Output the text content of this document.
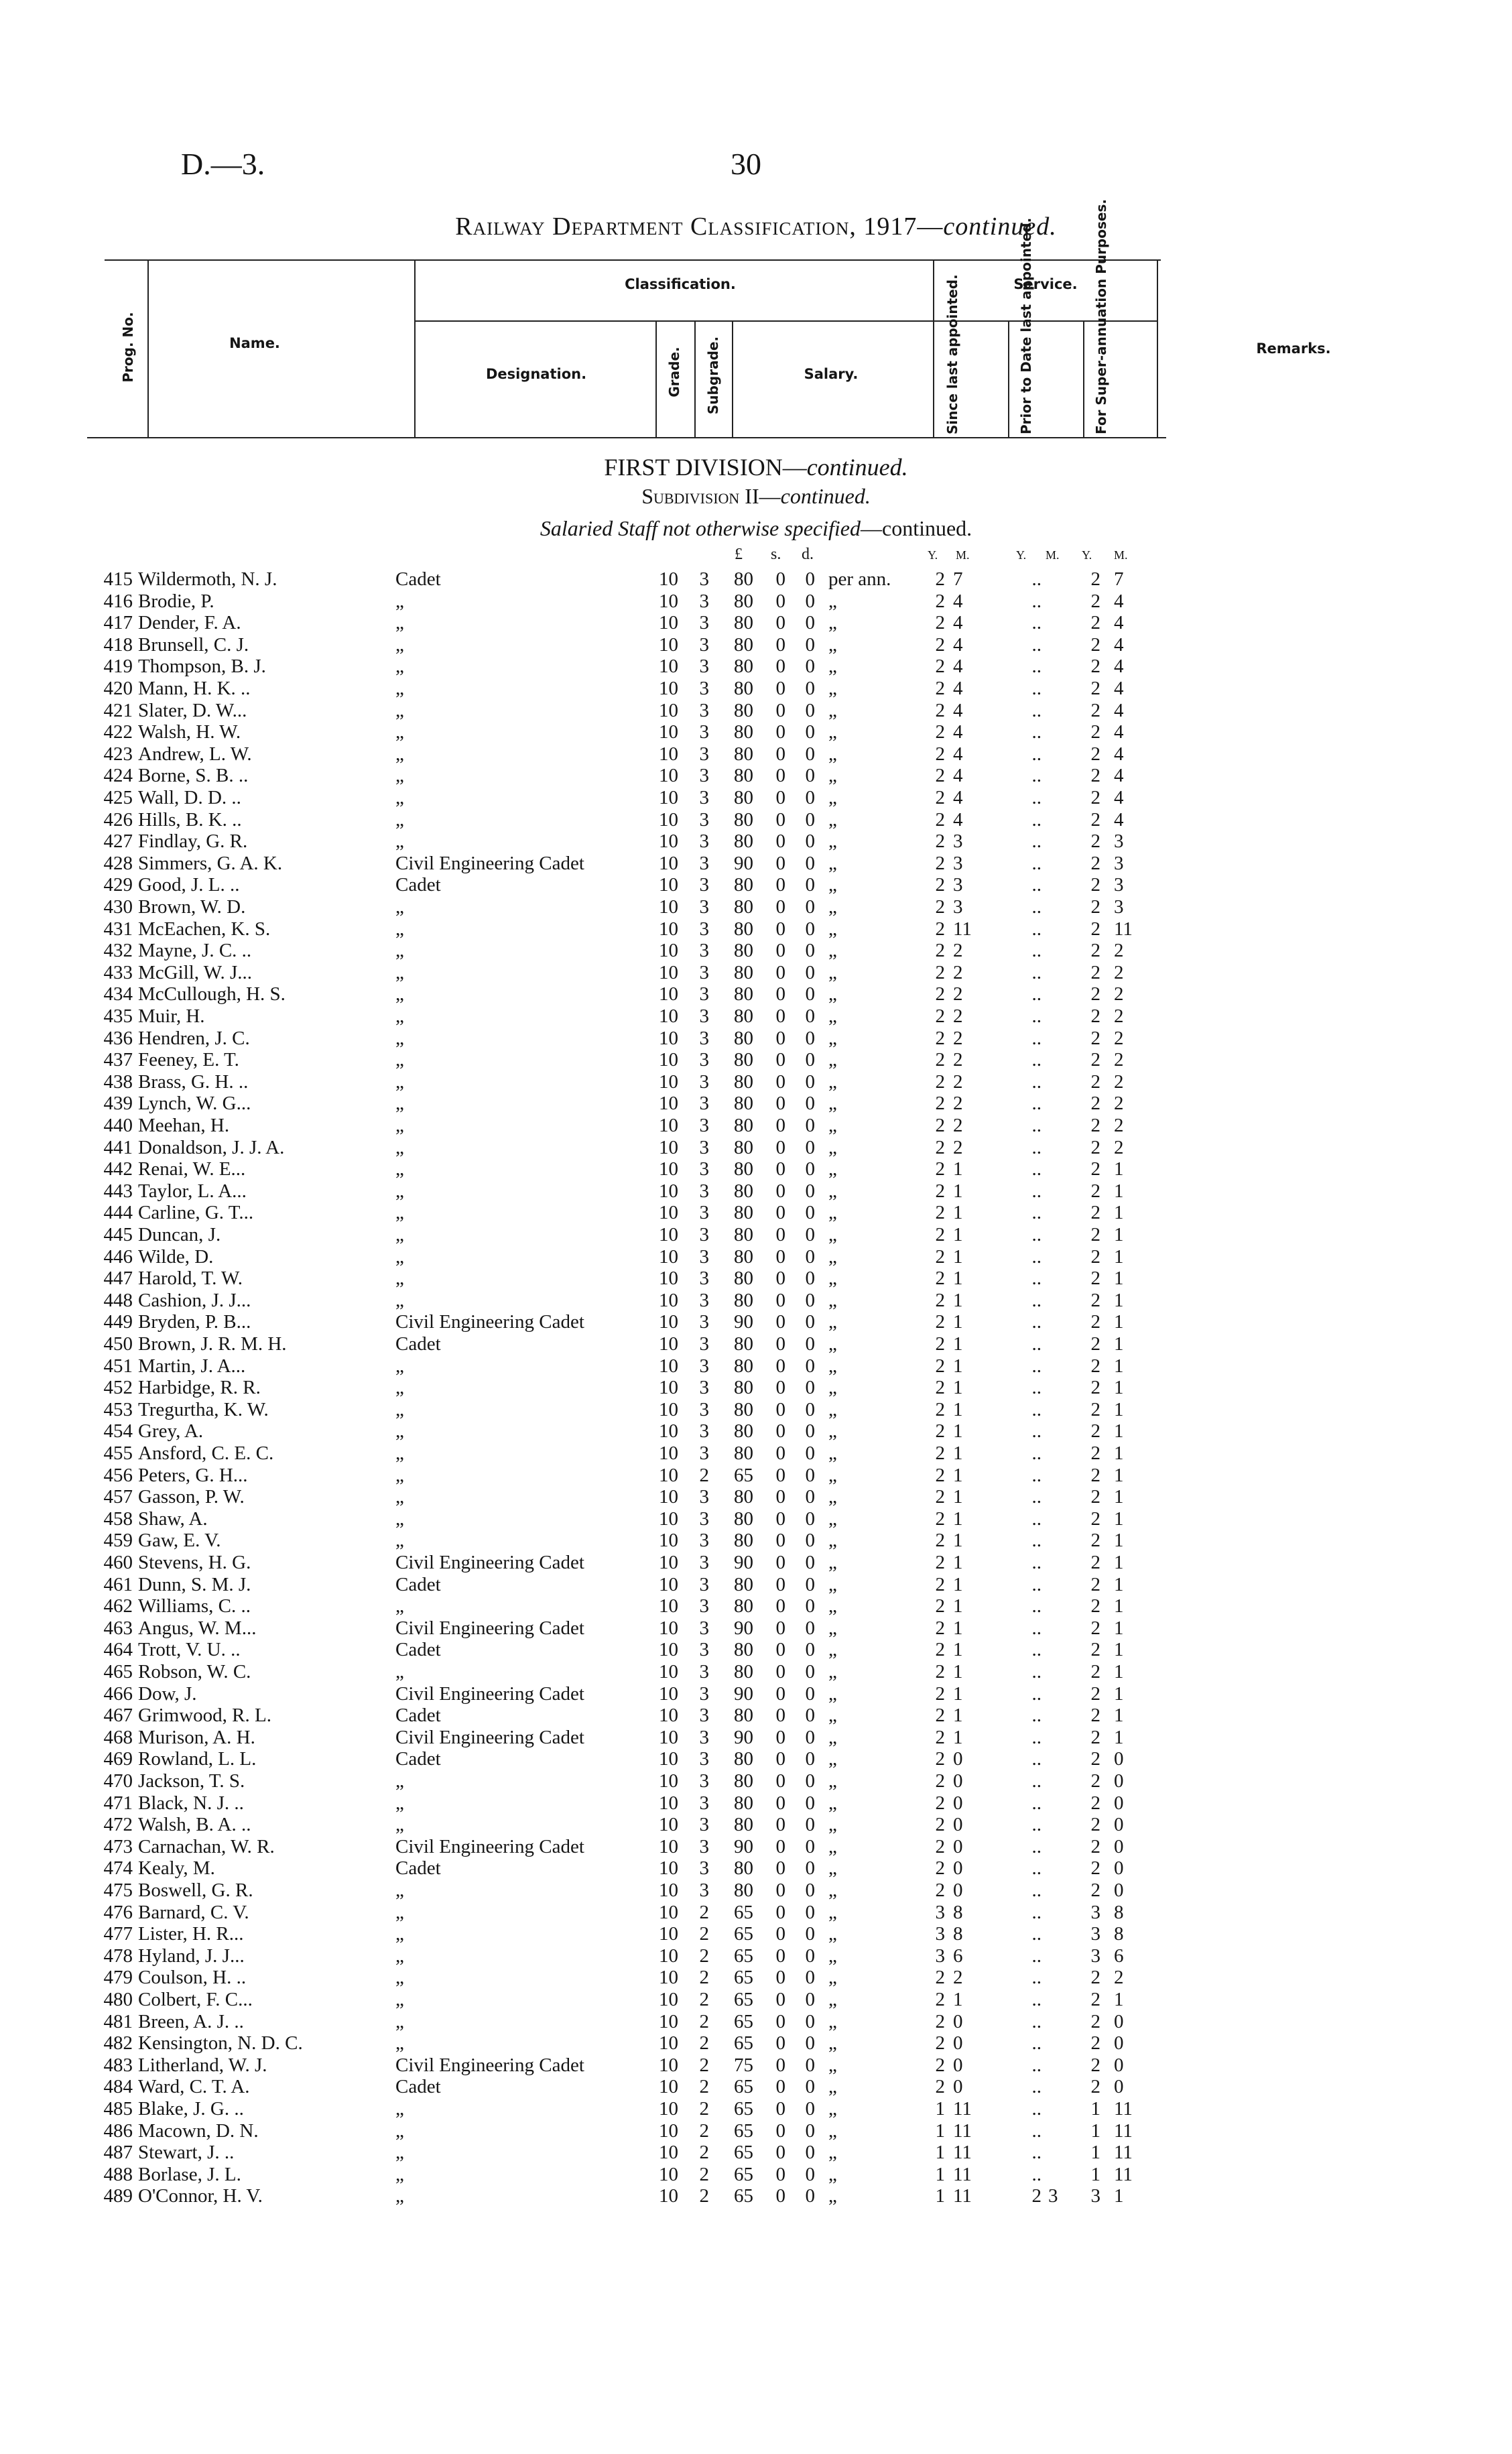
D.—3.	30
Railway Department Classification, 1917—continued.
Prog. No.	Name.
Classification.
Designation.	Grade. Subgrade.	Salary.
Service.
Since last appointed.	Prior to Date last appointed.	For Super-annuation Purposes.	Remarks.
FIRST DIVISION—continued.
Subdivision II—continued.
Salaried Staff not otherwise specified—continued.
£ s. d.	Y. M.	Y. M. Y. M.
415 Wildermoth, N. J.	Cadet	10 3	80 0 0 per ann.	2 7	..	2 7
416 Brodie, P.	„	10 3	80 0 0 „	2 4	..	2 4
417 Dender, F. A.	„	10 3	80 0 0 „	2 4	..	2 4
418 Brunsell, C. J.	„	10 3	80 0 0 „	2 4	..	2 4
419 Thompson, B. J.	„	10 3	80 0 0 „	2 4	..	2 4
420 Mann, H. K. ..	„	10 3	80 0 0 „	2 4	..	2 4
421 Slater, D. W...	„	10 3	80 0 0 „	2 4	..	2 4
422 Walsh, H. W.	„	10 3	80 0 0 „	2 4	..	2 4
423 Andrew, L. W.	„	10 3	80 0 0 „	2 4	..	2 4
424 Borne, S. B. ..	„	10 3	80 0 0 „	2 4	..	2 4
425 Wall, D. D. ..	„	10 3	80 0 0 „	2 4	..	2 4
426 Hills, B. K. ..	„	10 3	80 0 0 „	2 4	..	2 4
427 Findlay, G. R.	„	10 3	80 0 0 „	2 3	..	2 3
428 Simmers, G. A. K.	Civil Engineering Cadet	10 3	90 0 0 „	2 3	..	2 3
429 Good, J. L. ..	Cadet	10 3	80 0 0 „	2 3	..	2 3
430 Brown, W. D.	„	10 3	80 0 0 „	2 3	..	2 3
431 McEachen, K. S.	„	10 3	80 0 0 „	2 11	..	2 11
432 Mayne, J. C. ..	„	10 3	80 0 0 „	2 2	..	2 2
433 McGill, W. J...	„	10 3	80 0 0 „	2 2	..	2 2
434 McCullough, H. S.	„	10 3	80 0 0 „	2 2	..	2 2
435 Muir, H.	„	10 3	80 0 0 „	2 2	..	2 2
436 Hendren, J. C.	„	10 3	80 0 0 „	2 2	..	2 2
437 Feeney, E. T.	„	10 3	80 0 0 „	2 2	..	2 2
438 Brass, G. H. ..	„	10 3	80 0 0 „	2 2	..	2 2
439 Lynch, W. G...	„	10 3	80 0 0 „	2 2	..	2 2
440 Meehan, H.	„	10 3	80 0 0 „	2 2	..	2 2
441 Donaldson, J. J. A.	„	10 3	80 0 0 „	2 2	..	2 2
442 Renai, W. E...	„	10 3	80 0 0 „	2 1	..	2 1
443 Taylor, L. A...	„	10 3	80 0 0 „	2 1	..	2 1
444 Carline, G. T...	„	10 3	80 0 0 „	2 1	..	2 1
445 Duncan, J.	„	10 3	80 0 0 „	2 1	..	2 1
446 Wilde, D.	„	10 3	80 0 0 „	2 1	..	2 1
447 Harold, T. W.	„	10 3	80 0 0 „	2 1	..	2 1
448 Cashion, J. J...	„	10 3	80 0 0 „	2 1	..	2 1
449 Bryden, P. B...	Civil Engineering Cadet	10 3	90 0 0 „	2 1	..	2 1
450 Brown, J. R. M. H.	Cadet	10 3	80 0 0 „	2 1	..	2 1
451 Martin, J. A...	„	10 3	80 0 0 „	2 1	..	2 1
452 Harbidge, R. R.	„	10 3	80 0 0 „	2 1	..	2 1
453 Tregurtha, K. W.	„	10 3	80 0 0 „	2 1	..	2 1
454 Grey, A.	„	10 3	80 0 0 „	2 1	..	2 1
455 Ansford, C. E. C.	„	10 3	80 0 0 „	2 1	..	2 1
456 Peters, G. H...	„	10 2	65 0 0 „	2 1	..	2 1
457 Gasson, P. W.	„	10 3	80 0 0 „	2 1	..	2 1
458 Shaw, A.	„	10 3	80 0 0 „	2 1	..	2 1
459 Gaw, E. V.	„	10 3	80 0 0 „	2 1	..	2 1
460 Stevens, H. G.	Civil Engineering Cadet	10 3	90 0 0 „	2 1	..	2 1
461 Dunn, S. M. J.	Cadet	10 3	80 0 0 „	2 1	..	2 1
462 Williams, C. ..	„	10 3	80 0 0 „	2 1	..	2 1
463 Angus, W. M...	Civil Engineering Cadet	10 3	90 0 0 „	2 1	..	2 1
464 Trott, V. U. ..	Cadet	10 3	80 0 0 „	2 1	..	2 1
465 Robson, W. C.	„	10 3	80 0 0 „	2 1	..	2 1
466 Dow, J.	Civil Engineering Cadet	10 3	90 0 0 „	2 1	..	2 1
467 Grimwood, R. L.	Cadet	10 3	80 0 0 „	2 1	..	2 1
468 Murison, A. H.	Civil Engineering Cadet	10 3	90 0 0 „	2 1	..	2 1
469 Rowland, L. L.	Cadet	10 3	80 0 0 „	2 0	..	2 0
470 Jackson, T. S.	„	10 3	80 0 0 „	2 0	..	2 0
471 Black, N. J. ..	„	10 3	80 0 0 „	2 0	..	2 0
472 Walsh, B. A. ..	„	10 3	80 0 0 „	2 0	..	2 0
473 Carnachan, W. R.	Civil Engineering Cadet	10 3	90 0 0 „	2 0	..	2 0
474 Kealy, M.	Cadet	10 3	80 0 0 „	2 0	..	2 0
475 Boswell, G. R.	„	10 3	80 0 0 „	2 0	..	2 0
476 Barnard, C. V.	„	10 2	65 0 0 „	3 8	..	3 8
477 Lister, H. R...	„	10 2	65 0 0 „	3 8	..	3 8
478 Hyland, J. J...	„	10 2	65 0 0 „	3 6	..	3 6
479 Coulson, H. ..	„	10 2	65 0 0 „	2 2	..	2 2
480 Colbert, F. C...	„	10 2	65 0 0 „	2 1	..	2 1
481 Breen, A. J. ..	„	10 2	65 0 0 „	2 0	..	2 0
482 Kensington, N. D. C.	„	10 2	65 0 0 „	2 0	..	2 0
483 Litherland, W. J.	Civil Engineering Cadet	10 2	75 0 0 „	2 0	..	2 0
484 Ward, C. T. A.	Cadet	10 2	65 0 0 „	2 0	..	2 0
485 Blake, J. G. ..	„	10 2	65 0 0 „	1 11	..	1 11
486 Macown, D. N.	„	10 2	65 0 0 „	1 11	..	1 11
487 Stewart, J. ..	„	10 2	65 0 0 „	1 11	..	1 11
488 Borlase, J. L.	„	10 2	65 0 0 „	1 11	..	1 11
489 O'Connor, H. V.	„	10 2	65 0 0 „	1 11	2 3	3 1
